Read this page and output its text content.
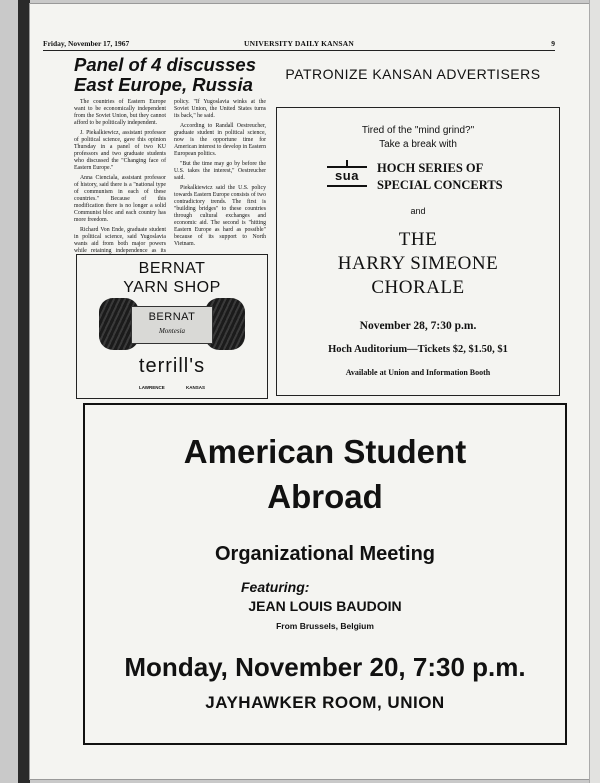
Friday, November 17, 1967	UNIVERSITY DAILY KANSAN	9
Panel of 4 discusses
East Europe, Russia

The countries of Eastern Europe want to be economically independent from the Soviet Union, but they cannot afford to be politically independent.

J. Piekalkiewicz, assistant professor of political science, gave this opinion Thursday in a panel of two KU professors and two graduate students who discussed the "Changing face of Eastern Europe."

Anna Cienciala, assistant professor of history, said there is a "national type of communism in each of these countries." Because of this modification there is no longer a solid Communist bloc and each country has more freedom.

Richard Von Ende, graduate student in political science, said Yugoslavia wants aid from both major powers while retaining independence as its policy. "If Yugoslavia winks at the Soviet Union, the United States turns its back," he said.

According to Randall Oestreucher, graduate student in political science, now is the opportune time for American interest to develop in Eastern European politics.

"But the time may go by before the U.S. takes the interest," Oestreucher said.

Piekalkiewicz said the U.S. policy towards Eastern Europe consists of two contradictory trends. The first is "building bridges" to these countries through cultural exchanges and economic aid. The second is "hitting Eastern Europe as hard as possible" because of its support to North Vietnam.

PATRONIZE KANSAN ADVERTISERS
Tired of the "mind grind?"
Take a break with
sua	HOCH SERIES OF
SPECIAL CONCERTS
and
THE
HARRY SIMEONE
CHORALE
November 28, 7:30 p.m.
Hoch Auditorium—Tickets $2, $1.50, $1
Available at Union and Information Booth
BERNAT
YARN SHOP
BERNAT
Montesia
terrill's
LAWRENCE	KANSAS
American Student
Abroad
Organizational Meeting
Featuring:
JEAN LOUIS BAUDOIN
From Brussels, Belgium
Monday, November 20, 7:30 p.m.
JAYHAWKER ROOM, UNION
